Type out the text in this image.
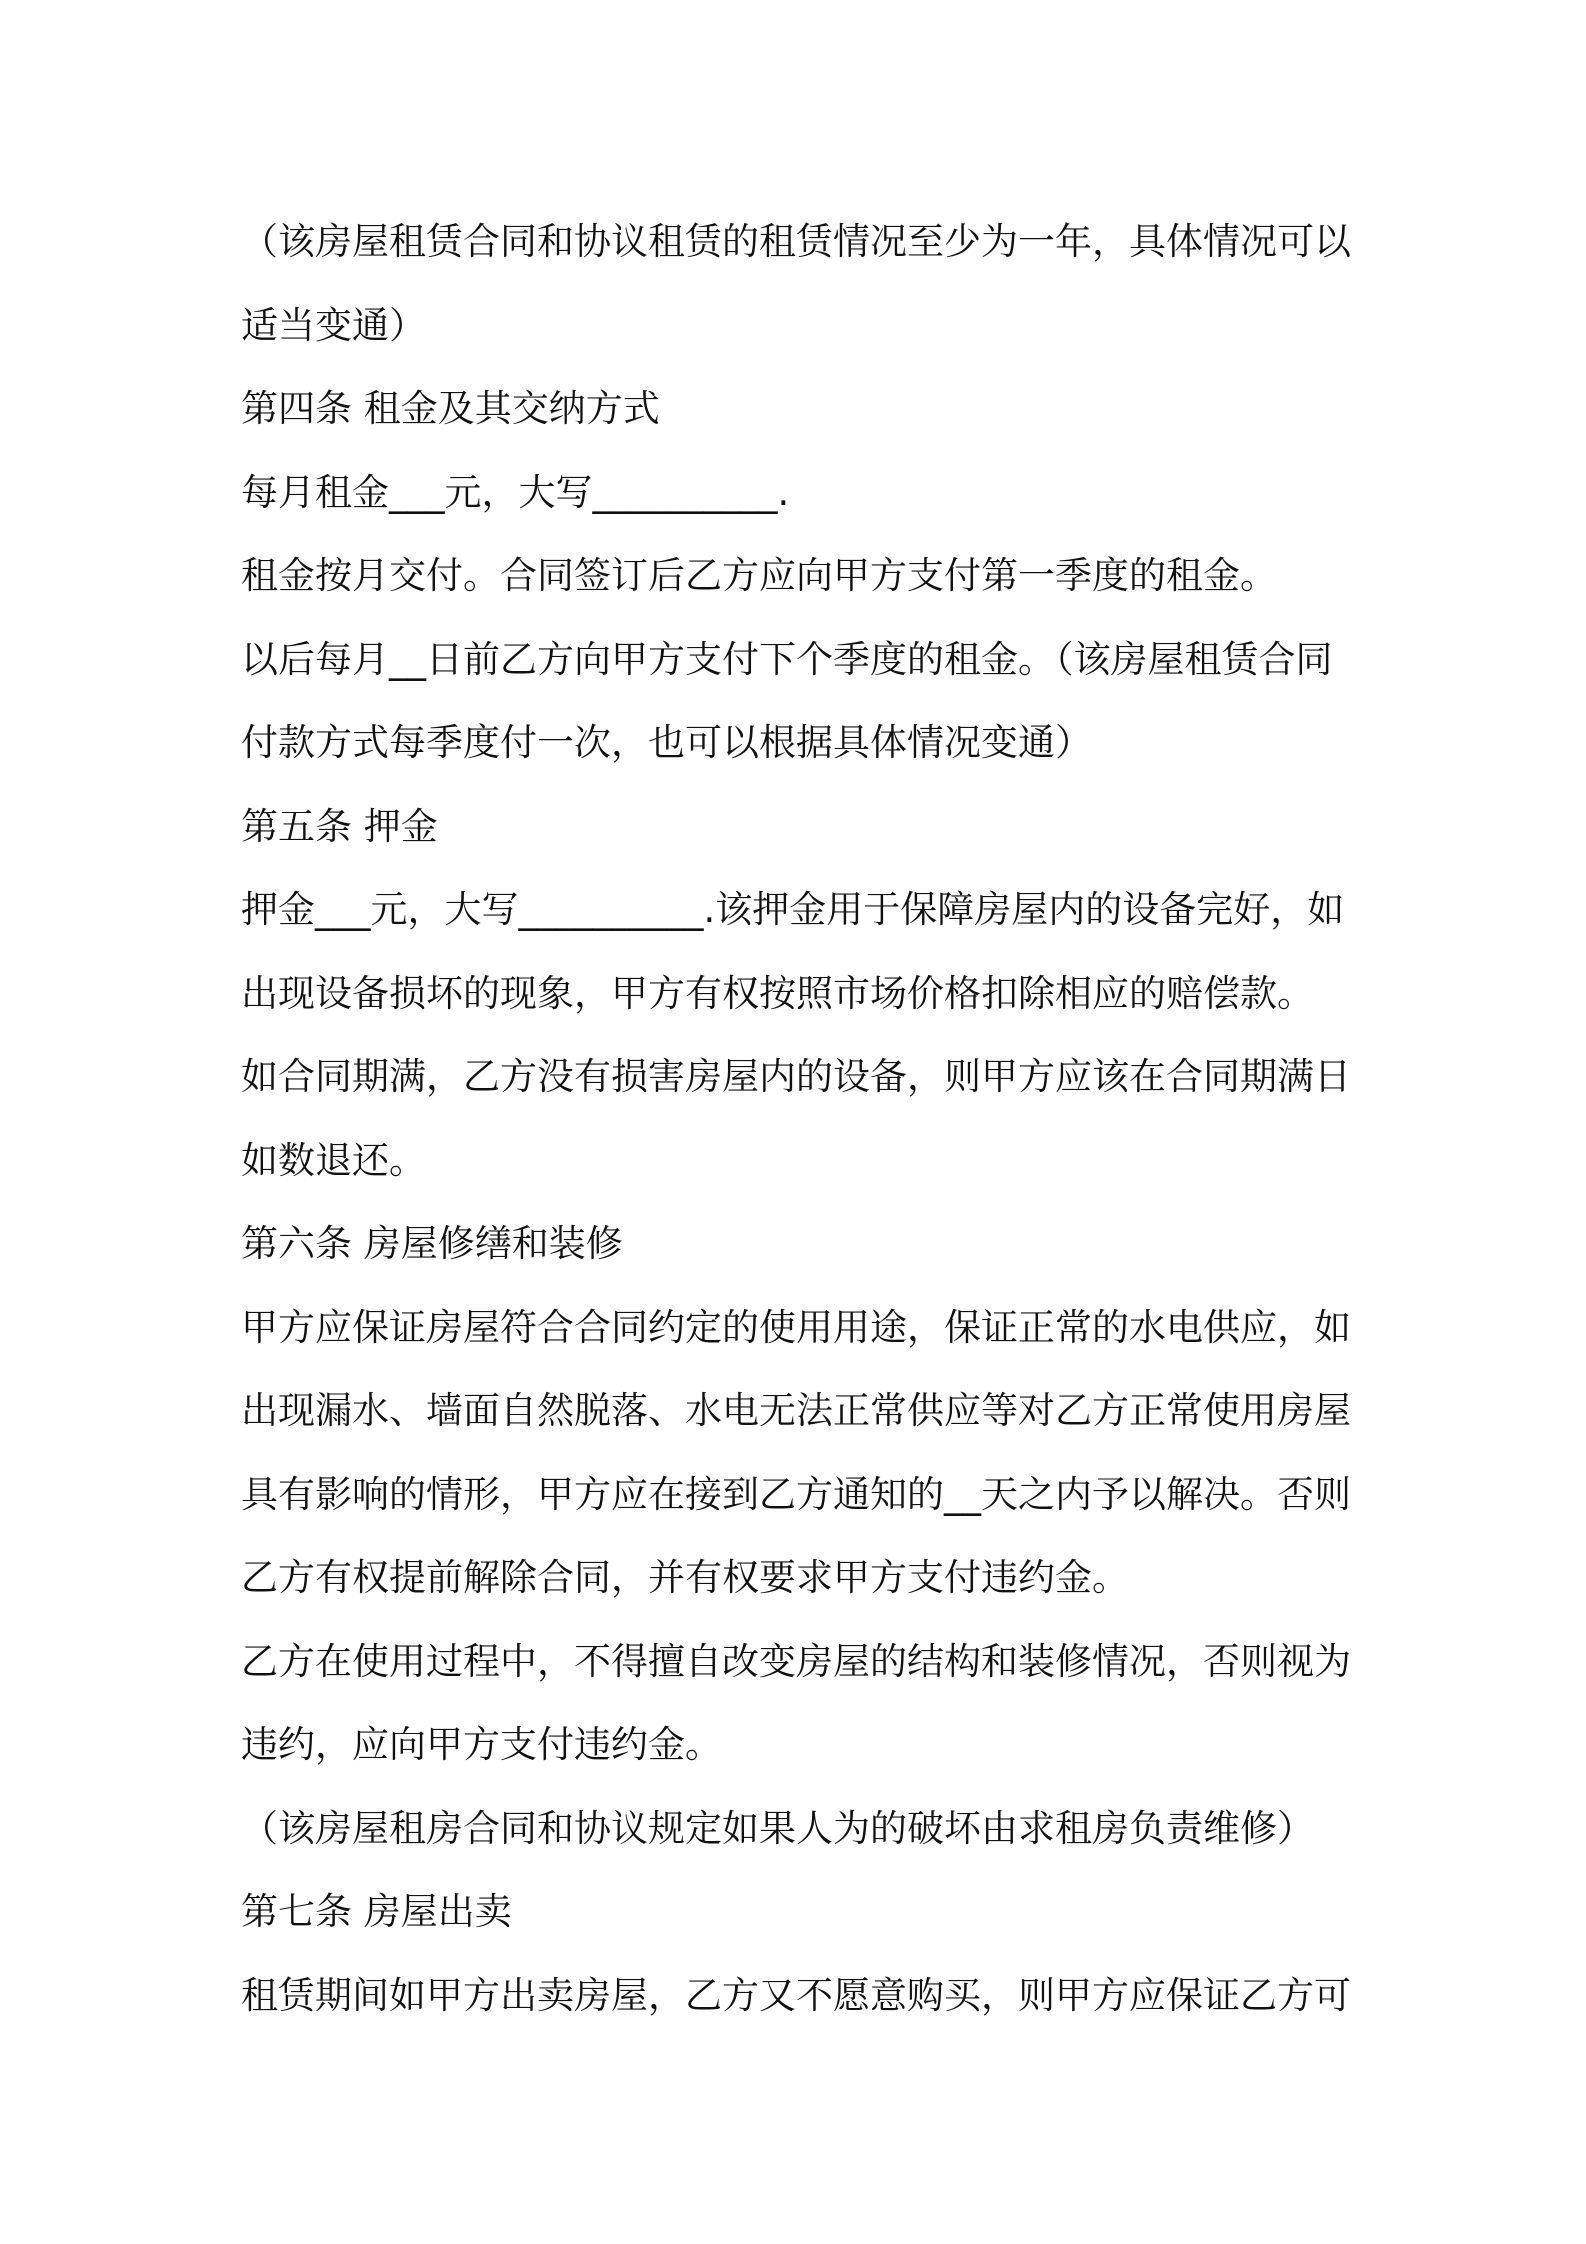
（该房屋租赁合同和协议租赁的租赁情况至少为一年，具体情况可以
适当变通）
第四条 租金及其交纳方式
每月租金___元，大写__________.
租金按月交付。合同签订后乙方应向甲方支付第一季度的租金。
以后每月__日前乙方向甲方支付下个季度的租金。（该房屋租赁合同
付款方式每季度付一次，也可以根据具体情况变通）
第五条 押金
押金___元，大写__________.该押金用于保障房屋内的设备完好，如
出现设备损坏的现象，甲方有权按照市场价格扣除相应的赔偿款。
如合同期满，乙方没有损害房屋内的设备，则甲方应该在合同期满日
如数退还。
第六条 房屋修缮和装修
甲方应保证房屋符合合同约定的使用用途，保证正常的水电供应，如
出现漏水、墙面自然脱落、水电无法正常供应等对乙方正常使用房屋
具有影响的情形，甲方应在接到乙方通知的__天之内予以解决。否则
乙方有权提前解除合同，并有权要求甲方支付违约金。
乙方在使用过程中，不得擅自改变房屋的结构和装修情况，否则视为
违约，应向甲方支付违约金。
（该房屋租房合同和协议规定如果人为的破坏由求租房负责维修）
第七条 房屋出卖
租赁期间如甲方出卖房屋，乙方又不愿意购买，则甲方应保证乙方可
